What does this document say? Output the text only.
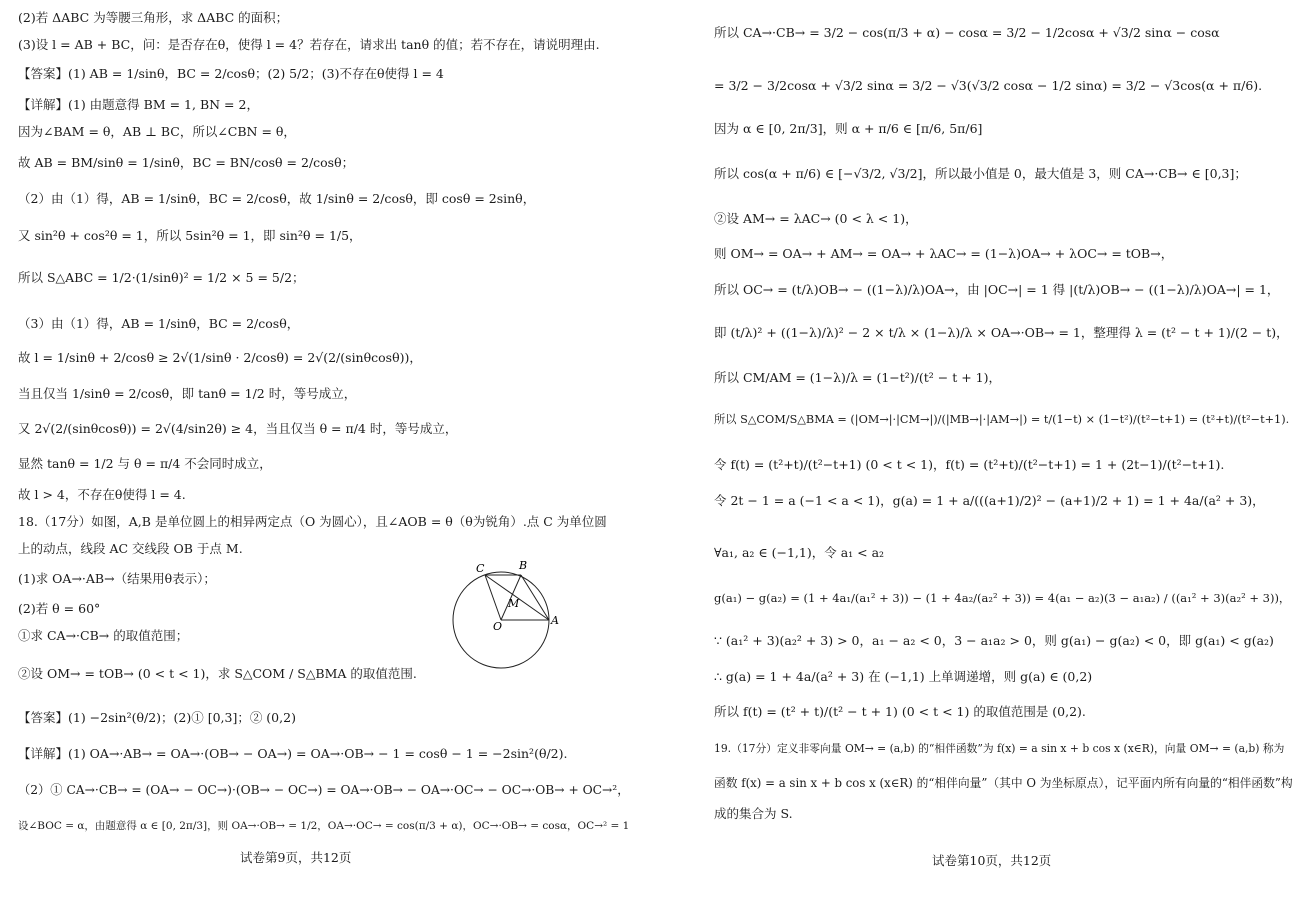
(2)若 ΔABC 为等腰三角形，求 ΔABC 的面积；
(3)设 l = AB + BC，问：是否存在θ，使得 l = 4？若存在，请求出 tanθ 的值；若不存在，请说明理由.
【答案】(1) AB = 1/sinθ，BC = 2/cosθ；(2) 5/2；(3)不存在θ使得 l = 4
【详解】(1) 由题意得 BM = 1, BN = 2，
因为∠BAM = θ，AB ⊥ BC，所以∠CBN = θ，
故 AB = BM/sinθ = 1/sinθ，BC = BN/cosθ = 2/cosθ；
（2）由（1）得，AB = 1/sinθ，BC = 2/cosθ，故 1/sinθ = 2/cosθ，即 cosθ = 2sinθ，
又 sin²θ + cos²θ = 1，所以 5sin²θ = 1，即 sin²θ = 1/5，
所以 S△ABC = 1/2·(1/sinθ)² = 1/2 × 5 = 5/2；
（3）由（1）得，AB = 1/sinθ，BC = 2/cosθ，
故 l = 1/sinθ + 2/cosθ ≥ 2√(1/sinθ · 2/cosθ) = 2√(2/(sinθcosθ))，
当且仅当 1/sinθ = 2/cosθ，即 tanθ = 1/2 时，等号成立，
又 2√(2/(sinθcosθ)) = 2√(4/sin2θ) ≥ 4，当且仅当 θ = π/4 时，等号成立，
显然 tanθ = 1/2 与 θ = π/4 不会同时成立，
故 l > 4，不存在θ使得 l = 4.
18.（17分）如图，A,B 是单位圆上的相异两定点（O 为圆心），且∠AOB = θ（θ为锐角）.点 C 为单位圆
上的动点，线段 AC 交线段 OB 于点 M.
(1)求 OA→·AB→（结果用θ表示）；
(2)若 θ = 60°
①求 CA→·CB→ 的取值范围；
②设 OM→ = tOB→ (0 < t < 1)，求 S△COM / S△BMA 的取值范围.
【答案】(1) −2sin²(θ/2)；(2)① [0,3]；② (0,2)
【详解】(1) OA→·AB→ = OA→·(OB→ − OA→) = OA→·OB→ − 1 = cosθ − 1 = −2sin²(θ/2).
（2）① CA→·CB→ = (OA→ − OC→)·(OB→ − OC→) = OA→·OB→ − OA→·OC→ − OC→·OB→ + OC→²，
设∠BOC = α，由题意得 α ∈ [0, 2π/3]，则 OA→·OB→ = 1/2，OA→·OC→ = cos(π/3 + α)，OC→·OB→ = cosα，OC→² = 1
C	B
M
O	A
试卷第9页，共12页
所以 CA→·CB→ = 3/2 − cos(π/3 + α) − cosα = 3/2 − 1/2cosα + √3/2 sinα − cosα
= 3/2 − 3/2cosα + √3/2 sinα = 3/2 − √3(√3/2 cosα − 1/2 sinα) = 3/2 − √3cos(α + π/6).
因为 α ∈ [0, 2π/3]，则 α + π/6 ∈ [π/6, 5π/6]
所以 cos(α + π/6) ∈ [−√3/2, √3/2]，所以最小值是 0，最大值是 3，则 CA→·CB→ ∈ [0,3]；
②设 AM→ = λAC→ (0 < λ < 1)，
则 OM→ = OA→ + AM→ = OA→ + λAC→ = (1−λ)OA→ + λOC→ = tOB→，
所以 OC→ = (t/λ)OB→ − ((1−λ)/λ)OA→，由 |OC→| = 1 得 |(t/λ)OB→ − ((1−λ)/λ)OA→| = 1，
即 (t/λ)² + ((1−λ)/λ)² − 2 × t/λ × (1−λ)/λ × OA→·OB→ = 1，整理得 λ = (t² − t + 1)/(2 − t)，
所以 CM/AM = (1−λ)/λ = (1−t²)/(t² − t + 1)，
所以 S△COM/S△BMA = (|OM→|·|CM→|)/(|MB→|·|AM→|) = t/(1−t) × (1−t²)/(t²−t+1) = (t²+t)/(t²−t+1).
令 f(t) = (t²+t)/(t²−t+1) (0 < t < 1)，f(t) = (t²+t)/(t²−t+1) = 1 + (2t−1)/(t²−t+1).
令 2t − 1 = a (−1 < a < 1)，g(a) = 1 + a/(((a+1)/2)² − (a+1)/2 + 1) = 1 + 4a/(a² + 3)，
∀a₁, a₂ ∈ (−1,1)，令 a₁ < a₂
g(a₁) − g(a₂) = (1 + 4a₁/(a₁² + 3)) − (1 + 4a₂/(a₂² + 3)) = 4(a₁ − a₂)(3 − a₁a₂) / ((a₁² + 3)(a₂² + 3))，
∵ (a₁² + 3)(a₂² + 3) > 0，a₁ − a₂ < 0，3 − a₁a₂ > 0，则 g(a₁) − g(a₂) < 0，即 g(a₁) < g(a₂)
∴ g(a) = 1 + 4a/(a² + 3) 在 (−1,1) 上单调递增，则 g(a) ∈ (0,2)
所以 f(t) = (t² + t)/(t² − t + 1) (0 < t < 1) 的取值范围是 (0,2).
19.（17分）定义非零向量 OM→ = (a,b) 的“相伴函数”为 f(x) = a sin x + b cos x (x∈R)，向量 OM→ = (a,b) 称为
函数 f(x) = a sin x + b cos x (x∈R) 的“相伴向量”（其中 O 为坐标原点），记平面内所有向量的“相伴函数”构
成的集合为 S.
试卷第10页，共12页
